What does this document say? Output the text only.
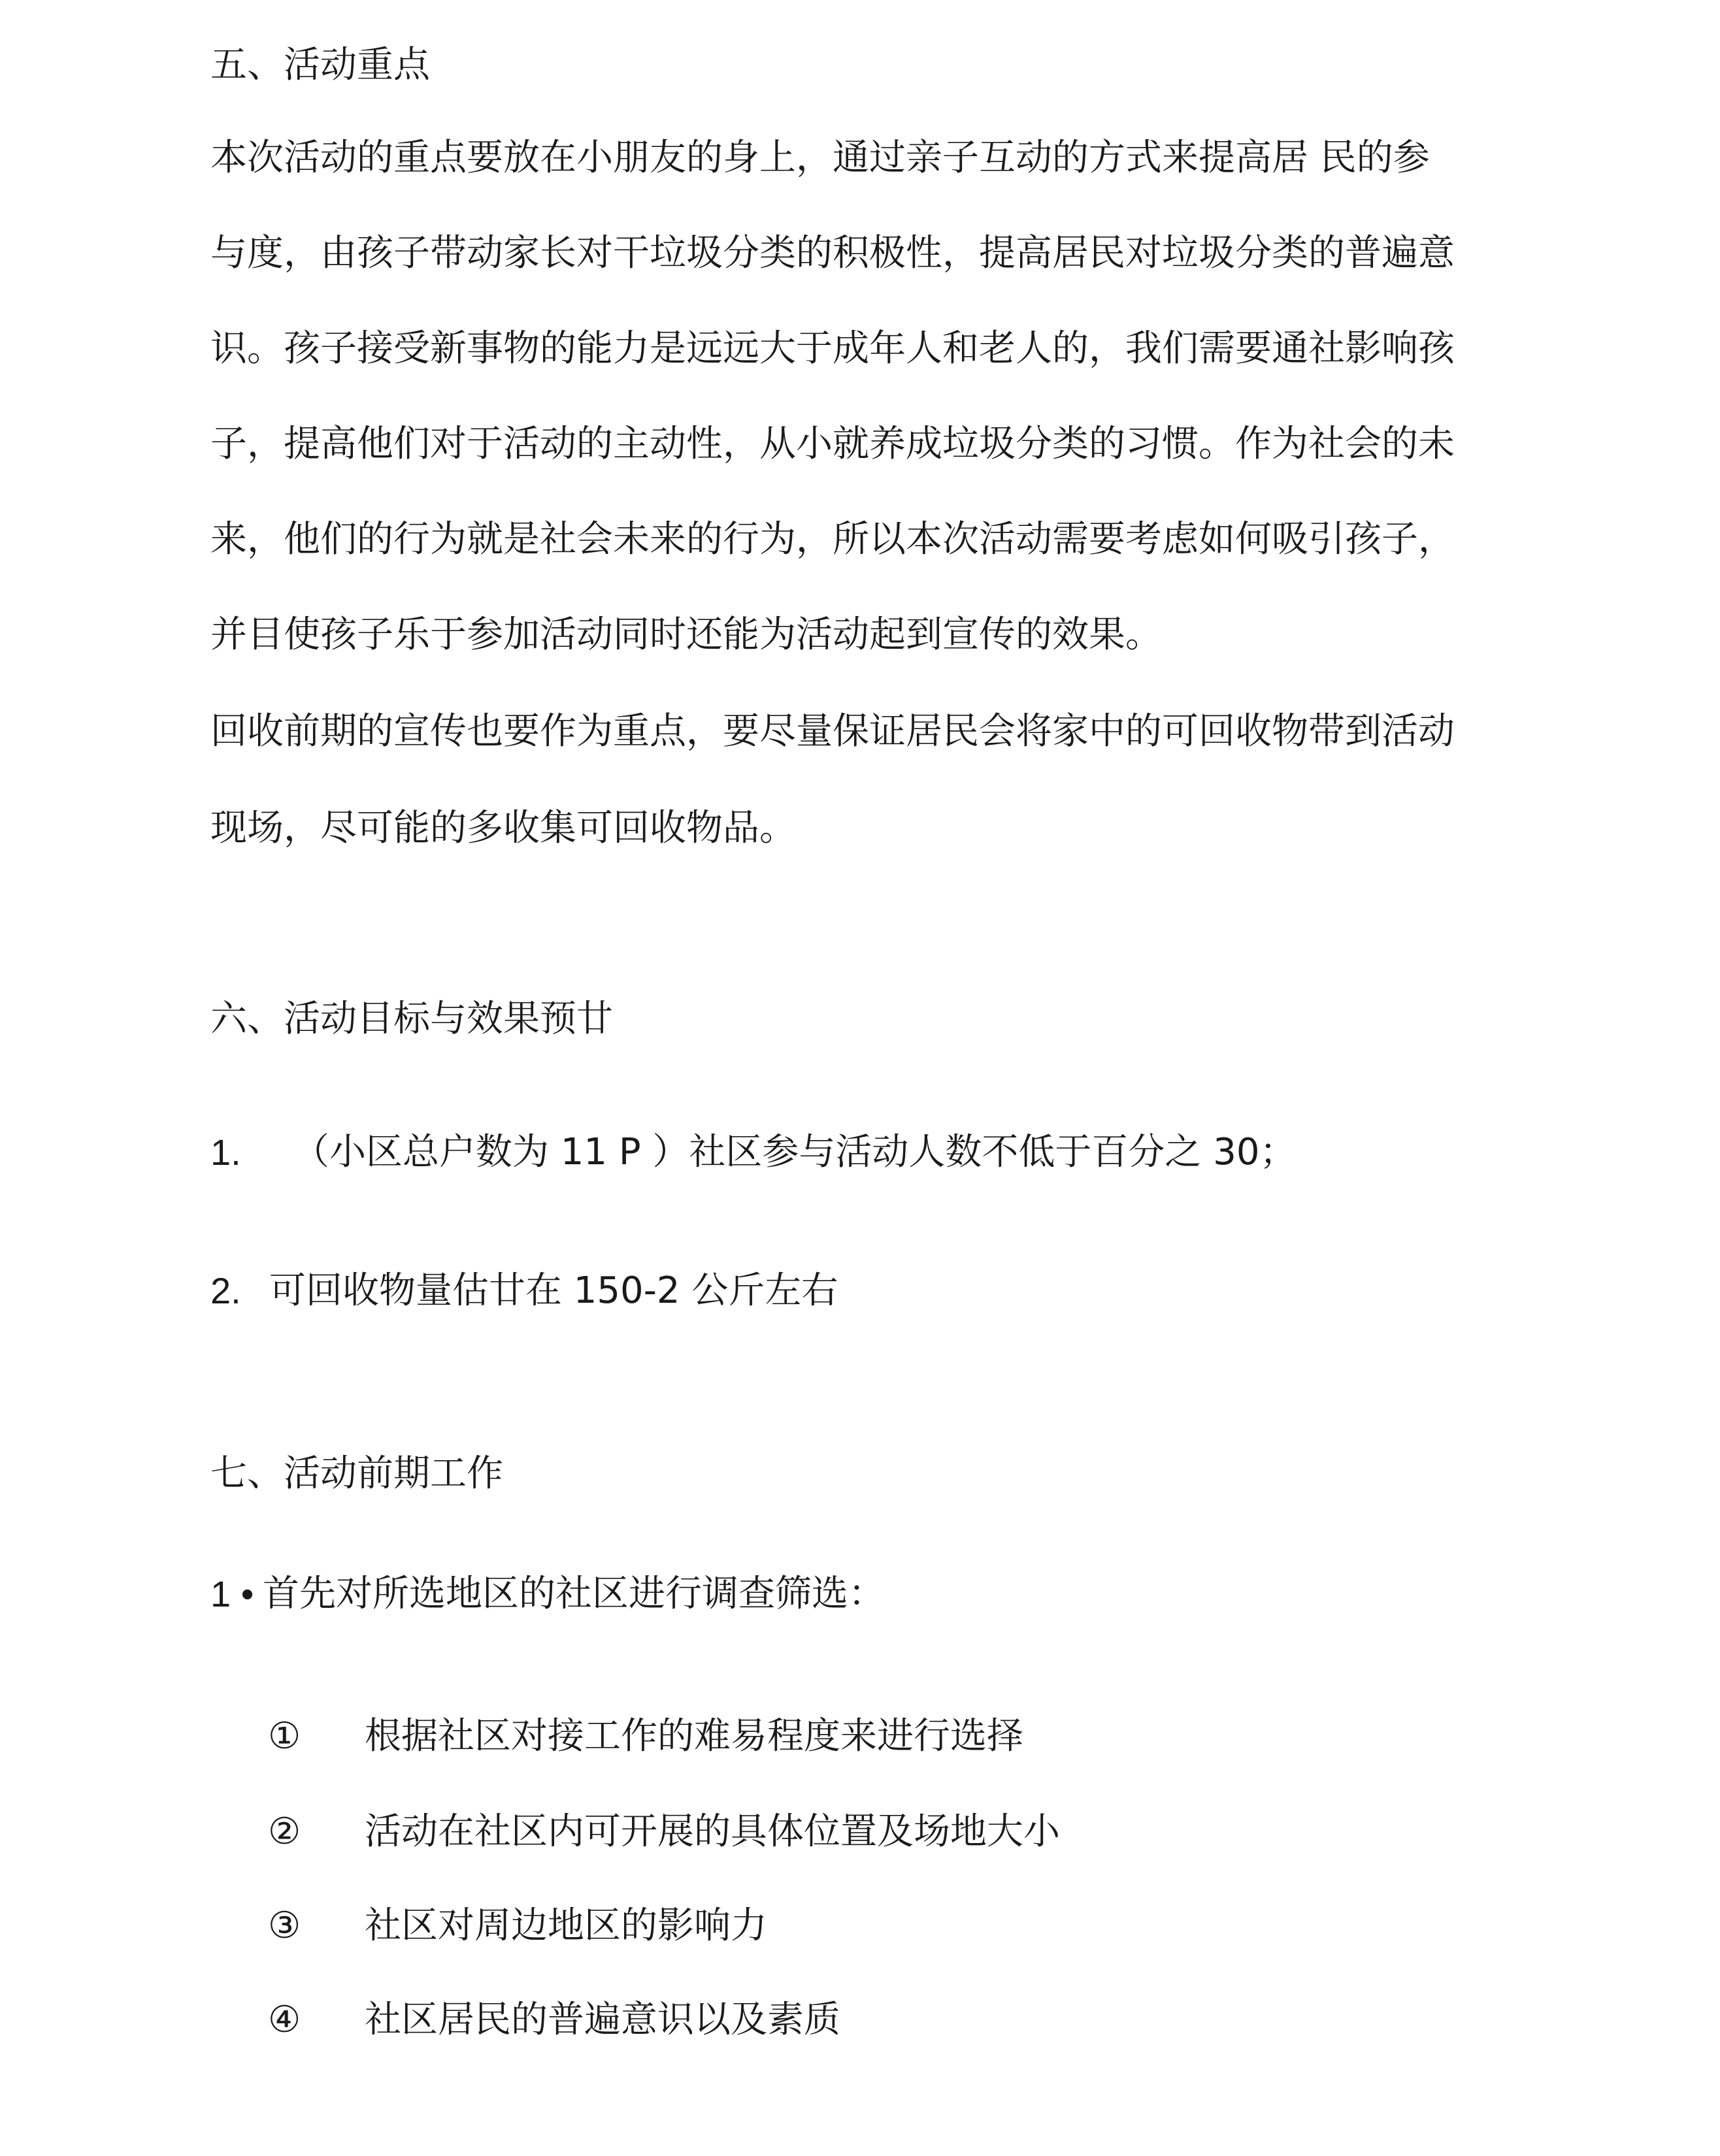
五、活动重点
本次活动的重点要放在小朋友的身上，通过亲子互动的方式来提高居 民的参
与度，由孩子带动家长对干垃圾分类的积极性，提高居民对垃圾分类的普遍意
识。孩子接受新事物的能力是远远大于成年人和老人的，我们需要通社影响孩
子，提高他们对于活动的主动性，从小就养成垃圾分类的习惯。作为社会的未
来，他们的行为就是社会未来的行为，所以本次活动需要考虑如何吸引孩子，
并目使孩子乐于参加活动同时还能为活动起到宣传的效果。
回收前期的宣传也要作为重点，要尽量保证居民会将家中的可回收物带到活动
现场，尽可能的多收集可回收物品。
六、活动目标与效果预廿
1. （小区总户数为 11 P ）社区参与活动人数不低于百分之 30；
2. 可回收物量估廿在 150-2 公斤左右
七、活动前期工作
1 • 首先对所选地区的社区进行调查筛选：
① 根据社区对接工作的难易程度来进行选择
② 活动在社区内可开展的具体位置及场地大小
③ 社区对周边地区的影响力
④ 社区居民的普遍意识以及素质
